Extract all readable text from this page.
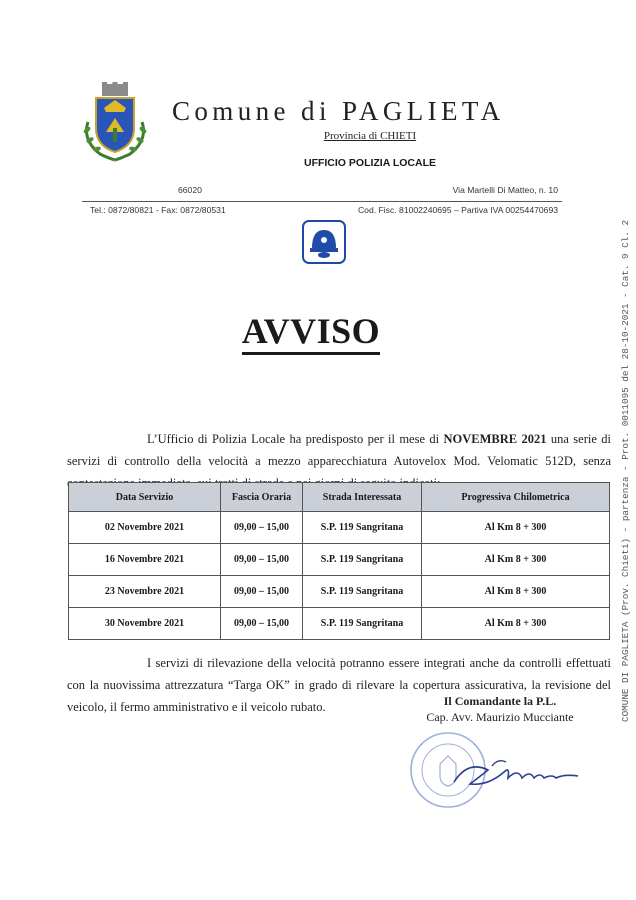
Comune di PAGLIETA
Provincia di CHIETI
UFFICIO POLIZIA LOCALE
66020	Via Martelli Di Matteo, n. 10
Tel.: 0872/80821 - Fax: 0872/80531	Cod. Fisc. 81002240695 – Partiva IVA 00254470693
AVVISO

L’Ufficio di Polizia Locale ha predisposto per il mese di NOVEMBRE 2021 una serie di servizi di controllo della velocità a mezzo apparecchiatura Autovelox Mod. Velomatic 512D, senza

Data Servizio	Fascia Oraria	Strada Interessata	Progressiva Chilometrica
02 Novembre 2021	09,00 – 15,00	S.P. 119 Sangritana	Al Km 8 + 300
16 Novembre 2021	09,00 – 15,00	S.P. 119 Sangritana	Al Km 8 + 300
23 Novembre 2021	09,00 – 15,00	S.P. 119 Sangritana	Al Km 8 + 300
30 Novembre 2021	09,00 – 15,00	S.P. 119 Sangritana	Al Km 8 + 300

I servizi di rilevazione della velocità potranno essere integrati anche da controlli effettuati con la nuovissima attrezzatura “Targa OK” in grado di rilevare la copertura assicurativa, la revisione del veicolo, il fermo amministrativo e il veicolo rubato.	Il Comandante la P.L.
Cap. Avv. Maurizio Mucciante	COMUNE DI PAGLIETA (Prov. Chieti) - partenza - Prot. 0011095 del 28-10-2021 - Cat. 9 Cl. 2
